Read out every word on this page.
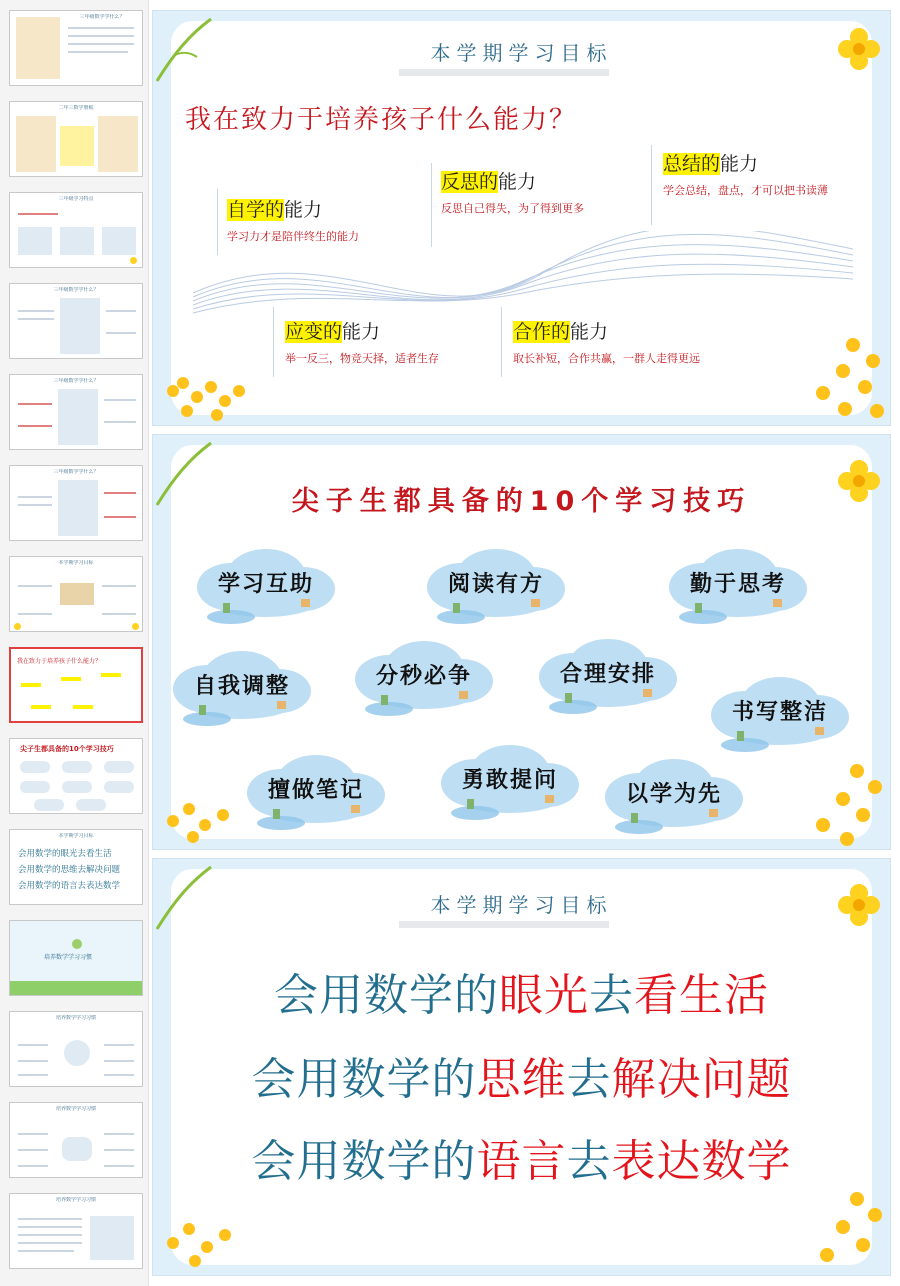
三年级数学学什么？
二年三数学册梳
三年级学习特点
三年级数学学什么？
三年级数学学什么？
三年级数学学什么？
本学期学习目标
我在致力于培养孩子什么能力？
尖子生都具备的10个学习技巧
本学期学习目标
会用数学的眼光去看生活
会用数学的思维去解决问题
会用数学的语言去表达数学
培养数学学习习惯
培养数学学习习惯
培养数学学习习惯
培养数学学习习惯
本学期学习目标
我在致力于培养孩子什么能力？
自学的能力
学习力才是陪伴终生的能力
反思的能力
反思自己得失，为了得到更多
总结的能力
学会总结，盘点，才可以把书读薄
应变的能力
举一反三，物竞天择，适者生存
合作的能力
取长补短，合作共赢，一群人走得更远
尖子生都具备的10个学习技巧
学习互助	阅读有方	勤于思考
自我调整	分秒必争	合理安排
书写整洁
擅做笔记	勇敢提问
以学为先
本学期学习目标
会用数学的眼光去看生活
会用数学的思维去解决问题
会用数学的语言去表达数学
